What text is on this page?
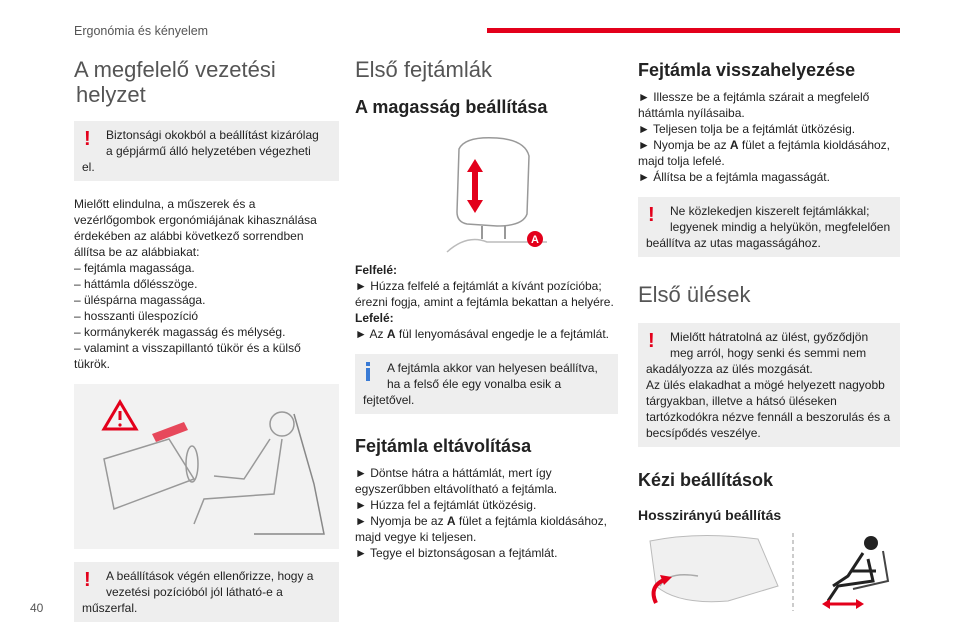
Ergonómia és kényelem
40
A megfelelő vezetési
helyzet
!	Biztonsági okokból a beállítást kizárólag
a gépjármű álló helyzetében végezheti
el.

Mielőtt elindulna, a műszerek és a

vezérlőgombok ergonómiájának kihasználása

érdekében az alábbi következő sorrendben

állítsa be az alábbiakat:

– fejtámla magassága.

– háttámla dőlésszöge.

– üléspárna magassága.

– hosszanti ülespozíció

– kormánykerék magasság és mélység.

– valamint a visszapillantó tükör és a külső

tükrök.

!	A beállítások végén ellenőrizze, hogy a
vezetési pozícióból jól látható-e a
műszerfal.
Első fejtámlák
A magasság beállítása
A

Felfelé:

► Húzza felfelé a fejtámlát a kívánt pozícióba;

érezni fogja, amint a fejtámla bekattan a helyére.

Lefelé:

► Az A fül lenyomásával engedje le a fejtámlát.

A fejtámla akkor van helyesen beállítva,
ha a felső éle egy vonalba esik a
fejtetővel.
Fejtámla eltávolítása

► Döntse hátra a háttámlát, mert így

egyszerűbben eltávolítható a fejtámla.

► Húzza fel a fejtámlát ütközésig.

► Nyomja be az A fület a fejtámla kioldásához,

majd vegye ki teljesen.

► Tegye el biztonságosan a fejtámlát.

Fejtámla visszahelyezése

► Illessze be a fejtámla szárait a megfelelő

háttámla nyílásaiba.

► Teljesen tolja be a fejtámlát ütközésig.

► Nyomja be az A fület a fejtámla kioldásához,

majd tolja lefelé.

► Állítsa be a fejtámla magasságát.

!	Ne közlekedjen kiszerelt fejtámlákkal;
legyenek mindig a helyükön, megfelelően
beállítva az utas magasságához.
Első ülések
!	Mielőtt hátratolná az ülést, győződjön
meg arról, hogy senki és semmi nem
akadályozza az ülés mozgását.
Az ülés elakadhat a mögé helyezett nagyobb
tárgyakban, illetve a hátsó üléseken
tartózkodókra nézve fennáll a beszorulás és a
becsípődés veszélye.
Kézi beállítások
Hosszirányú beállítás
